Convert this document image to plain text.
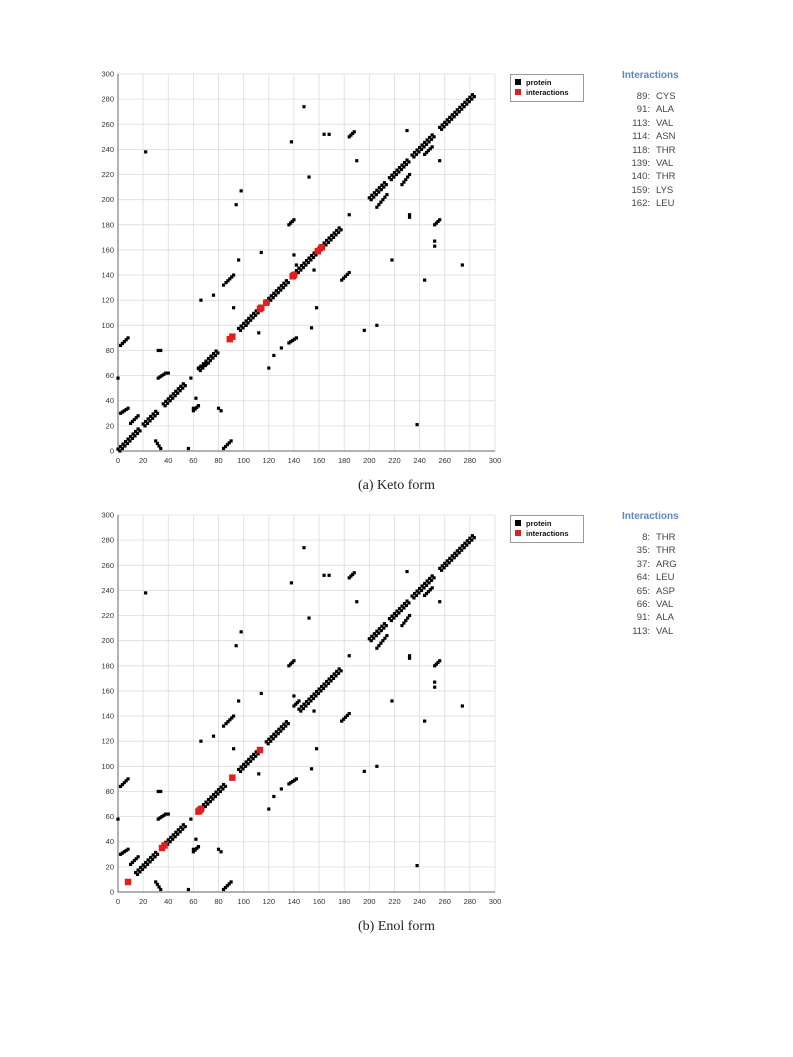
0	20 40 60 80 100 120 140 160 180 200 220 240 260 280 300
0
20
40
60
80
100
120
140
160
180
200
220
240
260
280
300
protein
interactions
Interactions
89: CYS
91: ALA
113: VAL
114: ASN
118: THR
139: VAL
140: THR
159: LYS
162: LEU
(a) Keto form
0	20 40 60 80 100 120 140 160 180 200 220 240 260 280 300
0
20
40
60
80
100
120
140
160
180
200
220
240
260
280
300
protein
interactions
Interactions
8: THR
35: THR
37: ARG
64: LEU
65: ASP
66: VAL
91: ALA
113: VAL
(b) Enol form
